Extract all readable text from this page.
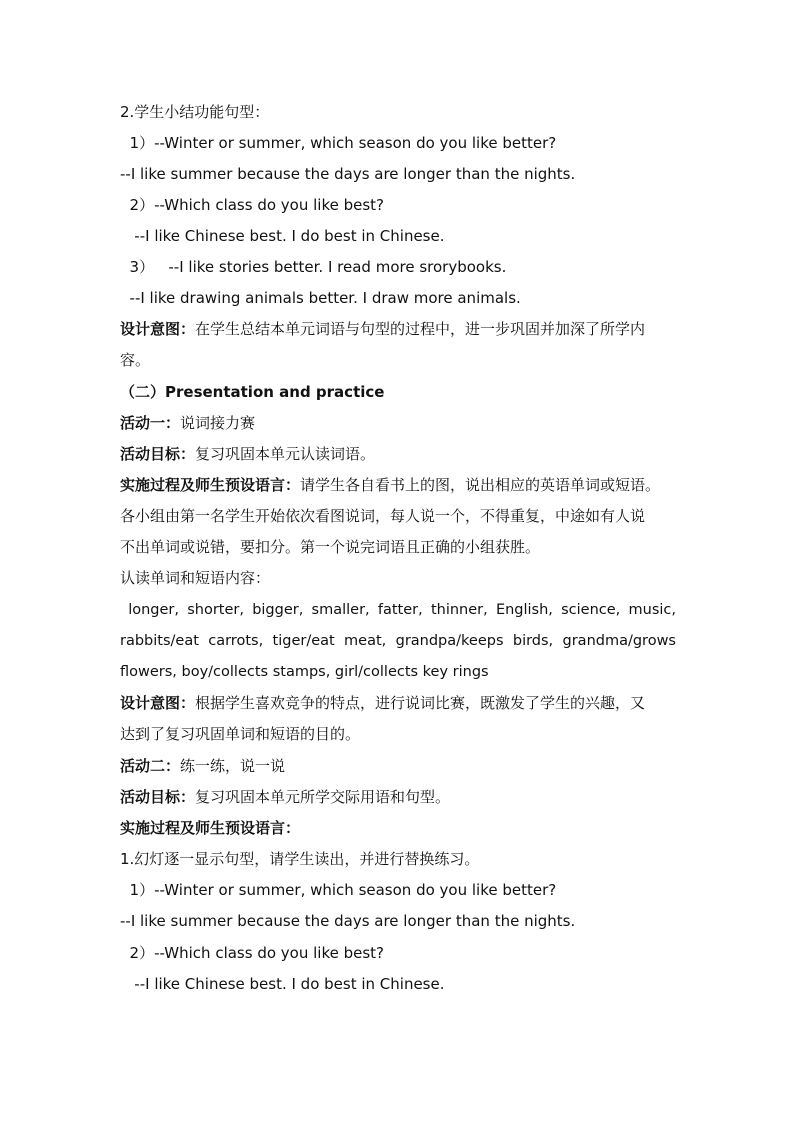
2.学生小结功能句型：
1）--Winter or summer, which season do you like better?
--I like summer because the days are longer than the nights.
2）--Which class do you like best?
--I like Chinese best. I do best in Chinese.
3）   --I like stories better. I read more srorybooks.
--I like drawing animals better. I draw more animals.
设计意图：在学生总结本单元词语与句型的过程中，进一步巩固并加深了所学内
容。
（二）Presentation and practice
活动一：说词接力赛
活动目标：复习巩固本单元认读词语。
实施过程及师生预设语言：请学生各自看书上的图，说出相应的英语单词或短语。
各小组由第一名学生开始依次看图说词，每人说一个，不得重复，中途如有人说
不出单词或说错，要扣分。第一个说完词语且正确的小组获胜。
认读单词和短语内容：
longer, shorter, bigger, smaller, fatter, thinner, English, science, music,
rabbits/eat carrots, tiger/eat meat, grandpa/keeps birds, grandma/grows
flowers, boy/collects stamps, girl/collects key rings
设计意图：根据学生喜欢竞争的特点，进行说词比赛，既激发了学生的兴趣，又
达到了复习巩固单词和短语的目的。
活动二：练一练，说一说
活动目标：复习巩固本单元所学交际用语和句型。
实施过程及师生预设语言：
1.幻灯逐一显示句型，请学生读出，并进行替换练习。
1）--Winter or summer, which season do you like better?
--I like summer because the days are longer than the nights.
2）--Which class do you like best?
--I like Chinese best. I do best in Chinese.
